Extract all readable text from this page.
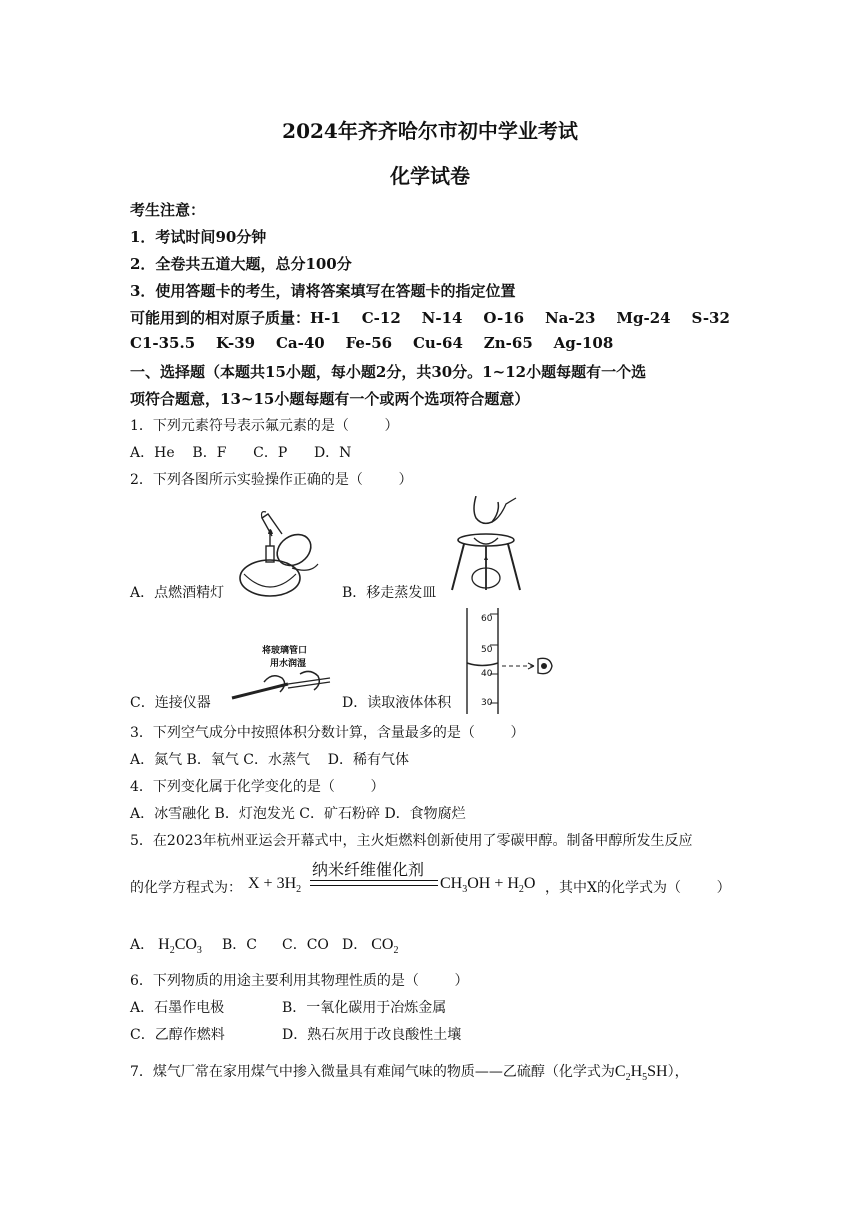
2024年齐齐哈尔市初中学业考试
化学试卷
考生注意：
1．考试时间90分钟
2．全卷共五道大题，总分100分
3．使用答题卡的考生，请将答案填写在答题卡的指定位置
可能用到的相对原子质量：H-1    C-12    N-14    O-16    Na-23    Mg-24    S-32
C1-35.5    K-39    Ca-40    Fe-56    Cu-64    Zn-65    Ag-108
一、选择题（本题共15小题，每小题2分，共30分。1~12小题每题有一个选
项符合题意，13~15小题每题有一个或两个选项符合题意）
1．下列元素符号表示氟元素的是（        ）
A．He    B．F      C．P      D．N
2．下列各图所示实验操作正确的是（        ）
A．点燃酒精灯	B．移走蒸发皿
将玻璃管口
用水润湿
C．连接仪器
60
50
40
30
D．读取液体体积
3．下列空气成分中按照体积分数计算，含量最多的是（        ）
A．氮气 B．氧气 C．水蒸气    D．稀有气体
4．下列变化属于化学变化的是（        ）
A．冰雪融化 B．灯泡发光 C．矿石粉碎 D．食物腐烂
5．在2023年杭州亚运会开幕式中，主火炬燃料创新使用了零碳甲醇。制备甲醇所发生反应
的化学方程式为： $X + 3H_2$
纳米纤维催化剂
$CH_3OH + H_2O$ ，其中X的化学式为（        ）
A． $H_2CO_3$ B．C C．CO D． $CO_2$
6．下列物质的用途主要利用其物理性质的是（        ）
A．石墨作电极	B．一氧化碳用于冶炼金属
C．乙醇作燃料	D．熟石灰用于改良酸性土壤
7．煤气厂常在家用煤气中掺入微量具有难闻气味的物质——乙硫醇（化学式为$C_2H_5SH$），
